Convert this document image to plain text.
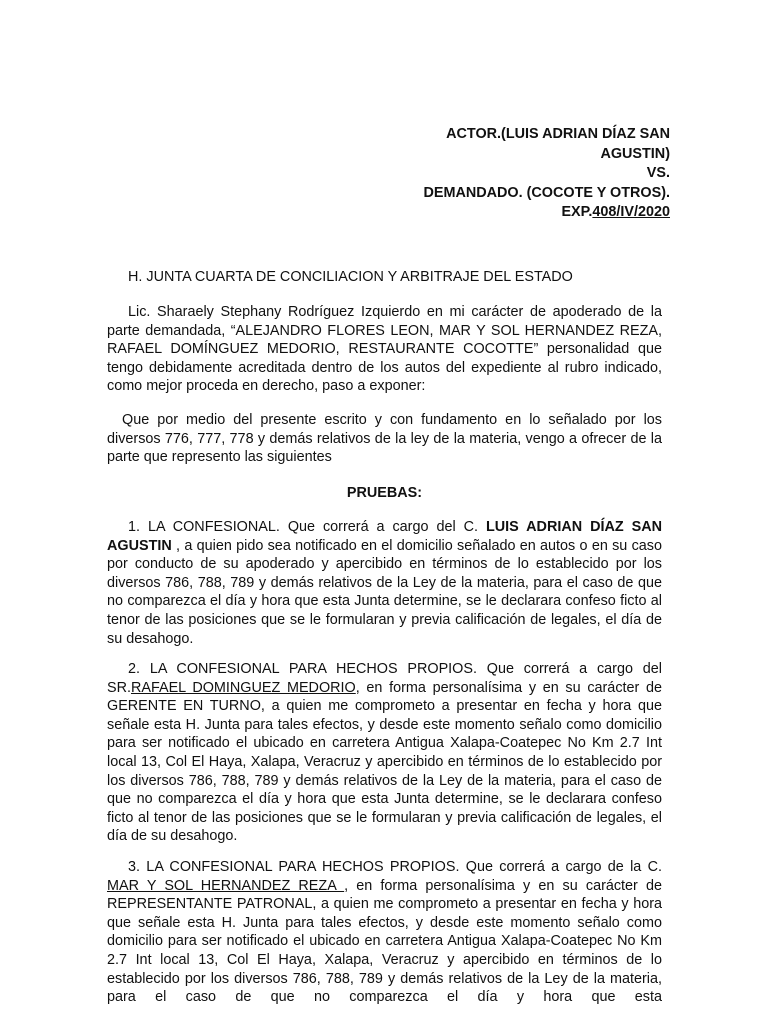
ACTOR.(LUIS ADRIAN DÍAZ SAN
AGUSTIN)
VS.
DEMANDADO. (COCOTE Y OTROS).
EXP.408/IV/2020
H. JUNTA CUARTA DE CONCILIACION Y ARBITRAJE DEL ESTADO

Lic. Sharaely Stephany Rodríguez Izquierdo en mi carácter de apoderado de la parte demandada, “ALEJANDRO FLORES LEON, MAR Y SOL HERNANDEZ REZA, RAFAEL DOMÍNGUEZ MEDORIO, RESTAURANTE COCOTTE” personalidad que tengo debidamente acreditada dentro de los autos del expediente al rubro indicado, como mejor proceda en derecho, paso a exponer:

Que por medio del presente escrito y con fundamento en lo señalado por los diversos 776, 777, 778 y demás relativos de la ley de la materia, vengo a ofrecer de la parte que represento las siguientes

PRUEBAS:

1. LA CONFESIONAL. Que correrá a cargo del C. LUIS ADRIAN DÍAZ SAN AGUSTIN , a quien pido sea notificado en el domicilio señalado en autos o en su caso por conducto de su apoderado y apercibido en términos de lo establecido por los diversos 786, 788, 789 y demás relativos de la Ley de la materia, para el caso de que no comparezca el día y hora que esta Junta determine, se le declarara confeso ficto al tenor de las posiciones que se le formularan y previa calificación de legales, el día de su desahogo.

2. LA CONFESIONAL PARA HECHOS PROPIOS. Que correrá a cargo del SR.RAFAEL DOMINGUEZ MEDORIO, en forma personalísima y en su carácter de GERENTE EN TURNO, a quien me comprometo a presentar en fecha y hora que señale esta H. Junta para tales efectos, y desde este momento señalo como domicilio para ser notificado el ubicado en carretera Antigua Xalapa-Coatepec No Km 2.7 Int local 13, Col El Haya, Xalapa, Veracruz y apercibido en términos de lo establecido por los diversos 786, 788, 789 y demás relativos de la Ley de la materia, para el caso de que no comparezca el día y hora que esta Junta determine, se le declarara confeso ficto al tenor de las posiciones que se le formularan y previa calificación de legales, el día de su desahogo.

3. LA CONFESIONAL PARA HECHOS PROPIOS. Que correrá a cargo de la C. MAR Y SOL HERNANDEZ REZA , en forma personalísima y en su carácter de REPRESENTANTE PATRONAL, a quien me comprometo a presentar en fecha y hora que señale esta H. Junta para tales efectos, y desde este momento señalo como domicilio para ser notificado el ubicado en carretera Antigua Xalapa-Coatepec No Km 2.7 Int local 13, Col El Haya, Xalapa, Veracruz y apercibido en términos de lo establecido por los diversos 786, 788, 789 y demás relativos de la Ley de la materia, para el caso de que no comparezca el día y hora que esta
